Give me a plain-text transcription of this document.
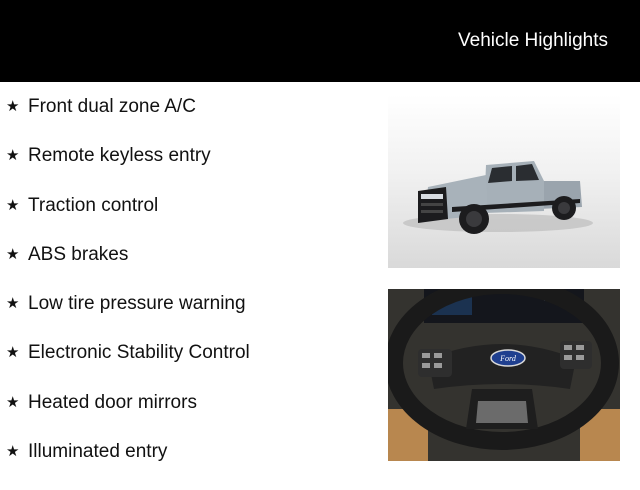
Vehicle Highlights
★ Front dual zone A/C
★ Remote keyless entry
★ Traction control
★ ABS brakes
★ Low tire pressure warning
★ Electronic Stability Control
★ Heated door mirrors
★ Illuminated entry
0
Ford
